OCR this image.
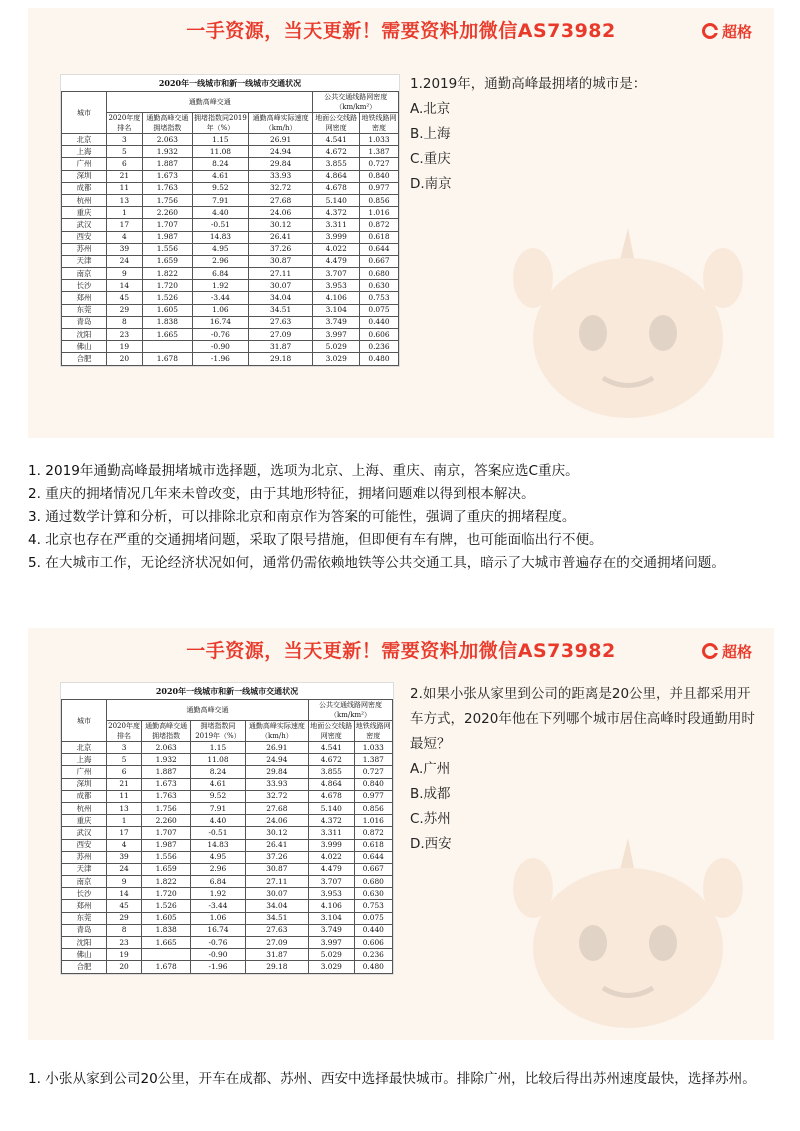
一手资源，当天更新！需要资料加微信AS73982	超格
2020年一线城市和新一线城市交通状况
城市	通勤高峰交通				公共交通线路网密度（km/km²）	
	2020年度排名	通勤高峰交通拥堵指数	拥堵指数同2019年（%）	通勤高峰实际速度（km/h）	地面公交线路网密度	地铁线路网密度
北京	3	2.063	1.15	26.91	4.541	1.033
上海	5	1.932	11.08	24.94	4.672	1.387
广州	6	1.887	8.24	29.84	3.855	0.727
深圳	21	1.673	4.61	33.93	4.864	0.840
成都	11	1.763	9.52	32.72	4.678	0.977
杭州	13	1.756	7.91	27.68	5.140	0.856
重庆	1	2.260	4.40	24.06	4.372	1.016
武汉	17	1.707	-0.51	30.12	3.311	0.872
西安	4	1.987	14.83	26.41	3.999	0.618
苏州	39	1.556	4.95	37.26	4.022	0.644
天津	24	1.659	2.96	30.87	4.479	0.667
南京	9	1.822	6.84	27.11	3.707	0.680
长沙	14	1.720	1.92	30.07	3.953	0.630
郑州	45	1.526	-3.44	34.04	4.106	0.753
东莞	29	1.605	1.06	34.51	3.104	0.075
青岛	8	1.838	16.74	27.63	3.749	0.440
沈阳	23	1.665	-0.76	27.09	3.997	0.606
佛山	19		-0.90	31.87	5.029	0.236
合肥	20	1.678	-1.96	29.18	3.029	0.480
1.2019年，通勤高峰最拥堵的城市是：
A.北京
B.上海
C.重庆
D.南京

1. 2019年通勤高峰最拥堵城市选择题，选项为北京、上海、重庆、南京，答案应选C重庆。

2. 重庆的拥堵情况几年来未曾改变，由于其地形特征，拥堵问题难以得到根本解决。

3. 通过数学计算和分析，可以排除北京和南京作为答案的可能性，强调了重庆的拥堵程度。

4. 北京也存在严重的交通拥堵问题，采取了限号措施，但即便有车有牌，也可能面临出行不便。

5. 在大城市工作，无论经济状况如何，通常仍需依赖地铁等公共交通工具，暗示了大城市普遍存在的交通拥堵问题。

一手资源，当天更新！需要资料加微信AS73982	超格
2020年一线城市和新一线城市交通状况
城市	通勤高峰交通				公共交通线路网密度（km/km²）	
	2020年度排名	通勤高峰交通拥堵指数	拥堵指数同2019年（%）	通勤高峰实际速度（km/h）	地面公交线路网密度	地铁线路网密度
北京	3	2.063	1.15	26.91	4.541	1.033
上海	5	1.932	11.08	24.94	4.672	1.387
广州	6	1.887	8.24	29.84	3.855	0.727
深圳	21	1.673	4.61	33.93	4.864	0.840
成都	11	1.763	9.52	32.72	4.678	0.977
杭州	13	1.756	7.91	27.68	5.140	0.856
重庆	1	2.260	4.40	24.06	4.372	1.016
武汉	17	1.707	-0.51	30.12	3.311	0.872
西安	4	1.987	14.83	26.41	3.999	0.618
苏州	39	1.556	4.95	37.26	4.022	0.644
天津	24	1.659	2.96	30.87	4.479	0.667
南京	9	1.822	6.84	27.11	3.707	0.680
长沙	14	1.720	1.92	30.07	3.953	0.630
郑州	45	1.526	-3.44	34.04	4.106	0.753
东莞	29	1.605	1.06	34.51	3.104	0.075
青岛	8	1.838	16.74	27.63	3.749	0.440
沈阳	23	1.665	-0.76	27.09	3.997	0.606
佛山	19		-0.90	31.87	5.029	0.236
合肥	20	1.678	-1.96	29.18	3.029	0.480
2.如果小张从家里到公司的距离是20公里，并且都采用开车方式，2020年他在下列哪个城市居住高峰时段通勤用时最短？
A.广州
B.成都
C.苏州
D.西安

1. 小张从家到公司20公里，开车在成都、苏州、西安中选择最快城市。排除广州，比较后得出苏州速度最快，选择苏州。
